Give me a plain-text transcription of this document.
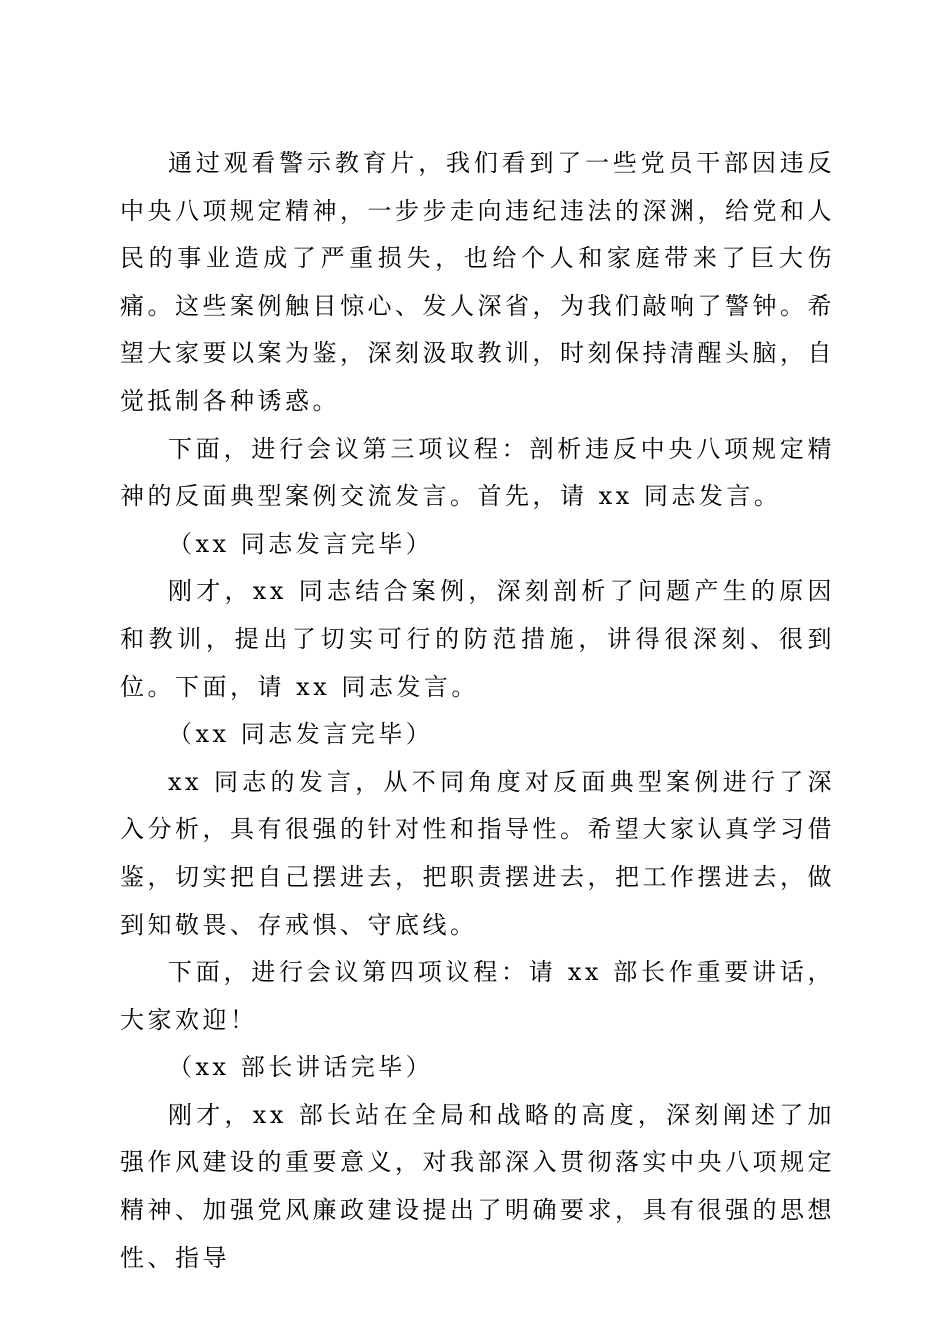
通过观看警示教育片，我们看到了一些党员干部因违反中央八项规定精神，一步步走向违纪违法的深渊，给党和人民的事业造成了严重损失，也给个人和家庭带来了巨大伤痛。这些案例触目惊心、发人深省，为我们敲响了警钟。希望大家要以案为鉴，深刻汲取教训，时刻保持清醒头脑，自觉抵制各种诱惑。

下面，进行会议第三项议程：剖析违反中央八项规定精神的反面典型案例交流发言。首先，请 xx 同志发言。

（xx 同志发言完毕）

刚才，xx 同志结合案例，深刻剖析了问题产生的原因和教训，提出了切实可行的防范措施，讲得很深刻、很到位。下面，请 xx 同志发言。

（xx 同志发言完毕）

xx 同志的发言，从不同角度对反面典型案例进行了深入分析，具有很强的针对性和指导性。希望大家认真学习借鉴，切实把自己摆进去，把职责摆进去，把工作摆进去，做到知敬畏、存戒惧、守底线。

下面，进行会议第四项议程：请 xx 部长作重要讲话，大家欢迎！

（xx 部长讲话完毕）

刚才，xx 部长站在全局和战略的高度，深刻阐述了加强作风建设的重要意义，对我部深入贯彻落实中央八项规定精神、加强党风廉政建设提出了明确要求，具有很强的思想性、指导
